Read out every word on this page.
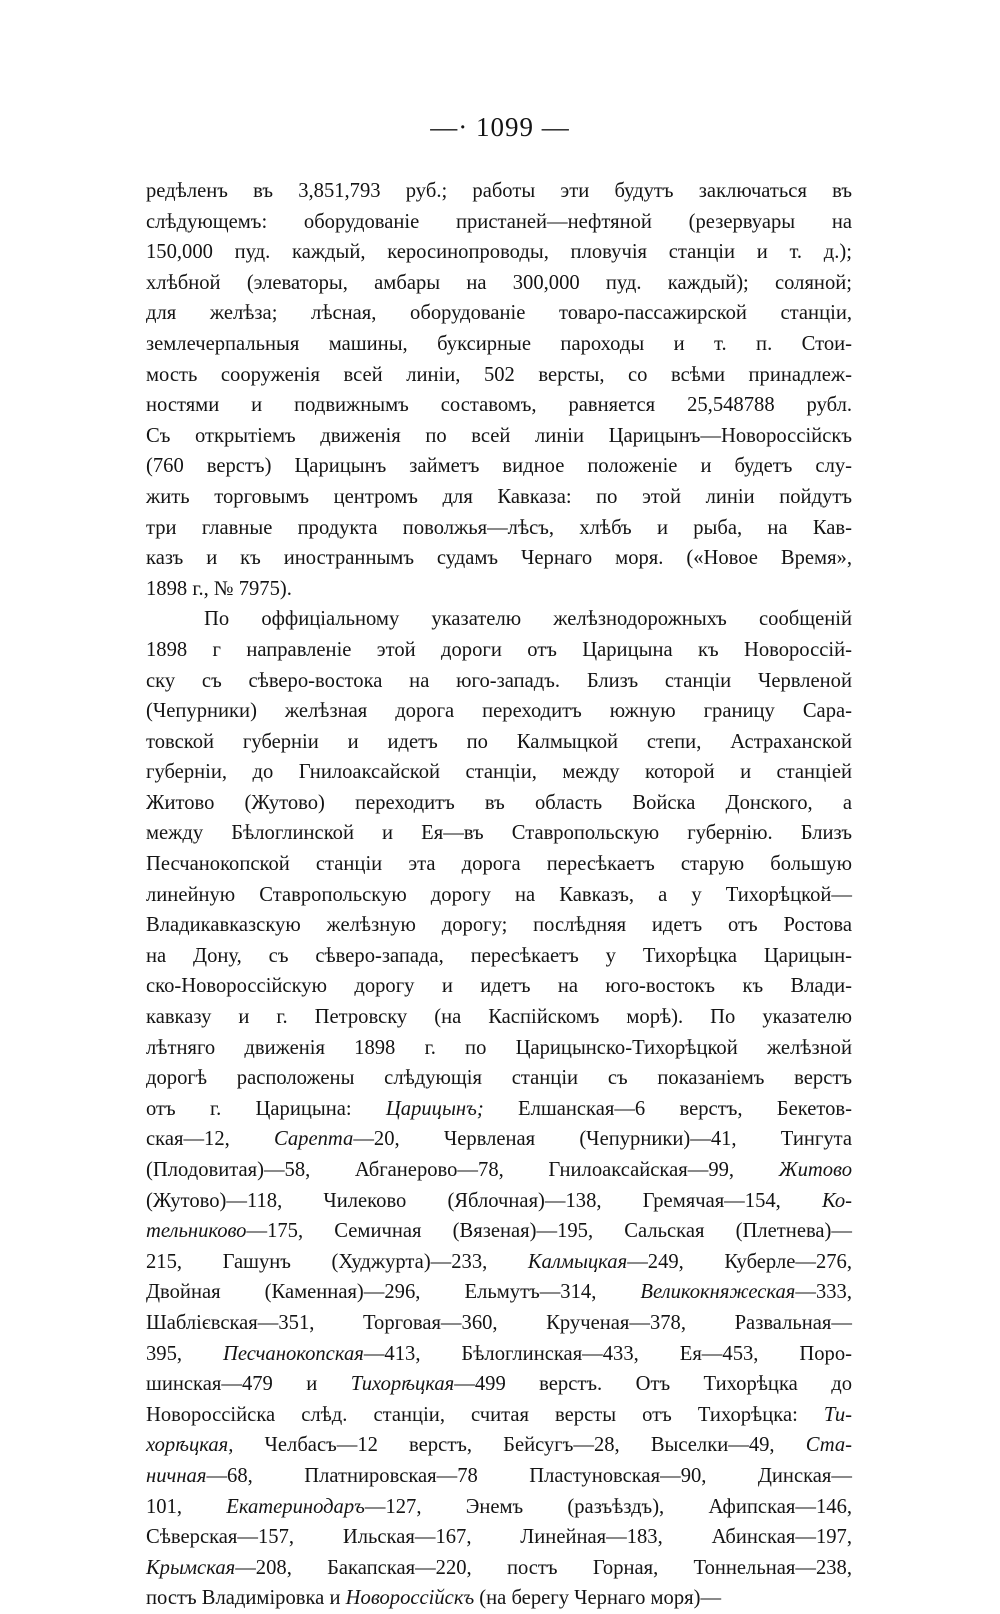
—· 1099 —
редѣленъ въ 3,851,793 руб.; работы эти будутъ заключаться въ
слѣдующемъ: оборудованіе пристаней—нефтяной (резервуары на
150,000 пуд. каждый, керосинопроводы, пловучія станціи и т. д.);
хлѣбной (элеваторы, амбары на 300,000 пуд. каждый); соляной;
для желѣза; лѣсная, оборудованіе товаро-пассажирской станціи,
землечерпальныя машины, буксирные пароходы и т. п. Стои-
мость сооруженія всей линіи, 502 версты, со всѣми принадлеж-
ностями и подвижнымъ составомъ, равняется 25,548788 рубл.
Съ открытіемъ движенія по всей линіи Царицынъ—Новороссійскъ
(760 верстъ) Царицынъ займетъ видное положеніе и будетъ слу-
жить торговымъ центромъ для Кавказа: по этой линіи пойдутъ
три главные продукта поволжья—лѣсъ, хлѣбъ и рыба, на Кав-
казъ и къ иностраннымъ судамъ Чернаго моря. («Новое Время»,
1898 г., № 7975).
По оффиціальному указателю желѣзнодорожныхъ сообщеній
1898 г направленіе этой дороги отъ Царицына къ Новороссій-
ску съ сѣверо-востока на юго-западъ. Близъ станціи Червленой
(Чепурники) желѣзная дорога переходитъ южную границу Сара-
товской губерніи и идетъ по Калмыцкой степи, Астраханской
губерніи, до Гнилоаксайской станціи, между которой и станціей
Житово (Жутово) переходитъ въ область Войска Донского, а
между Бѣлоглинской и Ея—въ Ставропольскую губернію. Близъ
Песчанокопской станціи эта дорога пересѣкаетъ старую большую
линейную Ставропольскую дорогу на Кавказъ, а у Тихорѣцкой—
Владикавказскую желѣзную дорогу; послѣдняя идетъ отъ Ростова
на Дону, съ сѣверо-запада, пересѣкаетъ у Тихорѣцка Царицын-
ско-Новороссійскую дорогу и идетъ на юго-востокъ къ Влади-
кавказу и г. Петровску (на Каспійскомъ морѣ). По указателю
лѣтняго движенія 1898 г. по Царицынско-Тихорѣцкой желѣзной
дорогѣ расположены слѣдующія станціи съ показаніемъ верстъ
отъ г. Царицына: Царицынъ; Елшанская—6 верстъ, Бекетов-
ская—12, Сарепта—20, Червленая (Чепурники)—41, Тингута
(Плодовитая)—58, Абганерово—78, Гнилоаксайская—99, Житово
(Жутово)—118, Чилеково (Яблочная)—138, Гремячая—154, Ко-
тельниково—175, Семичная (Вязеная)—195, Сальская (Плетнева)—
215, Гашунъ (Худжурта)—233, Калмыцкая—249, Куберле—276,
Двойная (Каменная)—296, Ельмутъ—314, Великокняжеская—333,
Шаблієвская—351, Торговая—360, Крученая—378, Развальная—
395, Песчанокопская—413, Бѣлоглинская—433, Ея—453, Поро-
шинская—479 и Тихорѣцкая—499 верстъ. Отъ Тихорѣцка до
Новороссійска слѣд. станціи, считая версты отъ Тихорѣцка: Ти-
хорѣцкая, Челбасъ—12 верстъ, Бейсугъ—28, Выселки—49, Ста-
ничная—68, Платнировская—78 Пластуновская—90, Динская—
101, Екатеринодаръ—127, Энемъ (разъѣздъ), Афипская—146,
Сѣверская—157, Ильская—167, Линейная—183, Абинская—197,
Крымская—208, Бакапская—220, постъ Горная, Тоннельная—238,
постъ Владиміровка и Новороссійскъ (на берегу Чернаго моря)—
